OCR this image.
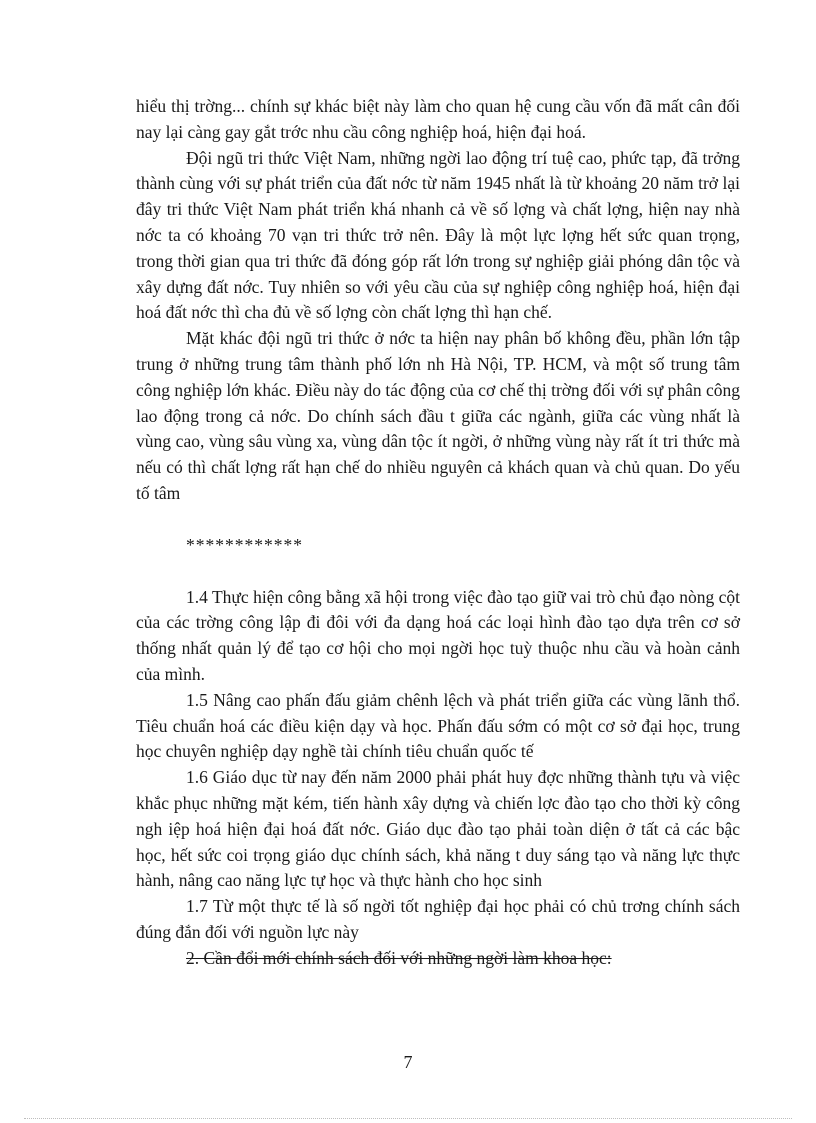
hiểu thị trờng... chính sự khác biệt này làm cho quan hệ cung cầu vốn đã mất cân đối nay lại càng gay gắt trớc nhu cầu công nghiệp hoá, hiện đại hoá.

Đội ngũ tri thức Việt Nam, những ngời lao động trí tuệ cao, phức tạp, đã trởng thành cùng với sự phát triển của đất nớc từ năm 1945 nhất là từ khoảng 20 năm trở lại đây tri thức Việt Nam phát triển khá nhanh cả về số lợng và chất lợng, hiện nay nhà nớc ta có khoảng 70 vạn tri thức trở nên. Đây là một lực lợng hết sức quan trọng, trong thời gian qua tri thức đã đóng góp rất lớn trong sự nghiệp giải phóng dân tộc và xây dựng đất nớc. Tuy nhiên so với yêu cầu của sự nghiệp công nghiệp hoá, hiện đại hoá đất nớc thì cha đủ về số lợng còn chất lợng thì hạn chế.

Mặt khác đội ngũ tri thức ở nớc ta hiện nay phân bố không đều, phần lớn tập trung ở những trung tâm thành phố lớn nh Hà Nội, TP. HCM, và một số trung tâm công nghiệp lớn khác. Điều này do tác động của cơ chế thị trờng đối với sự phân công lao động trong cả nớc. Do chính sách đầu t giữa các ngành, giữa các vùng nhất là vùng cao, vùng sâu vùng xa, vùng dân tộc ít ngời, ở những vùng này rất ít tri thức mà nếu có thì chất lợng rất hạn chế do nhiều nguyên cả khách quan và chủ quan. Do yếu tố tâm

************

1.4 Thực hiện công bằng xã hội trong việc đào tạo giữ vai trò chủ đạo nòng cột của các trờng công lập đi đôi với đa dạng hoá các loại hình đào tạo dựa trên cơ sở thống nhất quản lý để tạo cơ hội cho mọi ngời học tuỳ thuộc nhu cầu và hoàn cảnh của mình.

1.5 Nâng cao phấn đấu giảm chênh lệch và phát triển giữa các vùng lãnh thổ. Tiêu chuẩn hoá các điều kiện dạy và học. Phấn đấu sớm có một cơ sở đại học, trung học chuyên nghiệp dạy nghề tài chính tiêu chuẩn quốc tế

1.6 Giáo dục từ nay đến năm 2000 phải phát huy đợc những thành tựu và việc khắc phục những mặt kém, tiến hành xây dựng và chiến lợc đào tạo cho thời kỳ công ngh iệp hoá hiện đại hoá đất nớc. Giáo dục đào tạo phải toàn diện ở tất cả các bậc học, hết sức coi trọng giáo dục chính sách, khả năng t duy sáng tạo và năng lực thực hành, nâng cao năng lực tự học và thực hành cho học sinh

1.7 Từ một thực tế là số ngời tốt nghiệp đại học phải có chủ trơng chính sách đúng đắn đối với nguồn lực này

2. Cần đổi mới chính sách đối với những ngời làm khoa học:

7
